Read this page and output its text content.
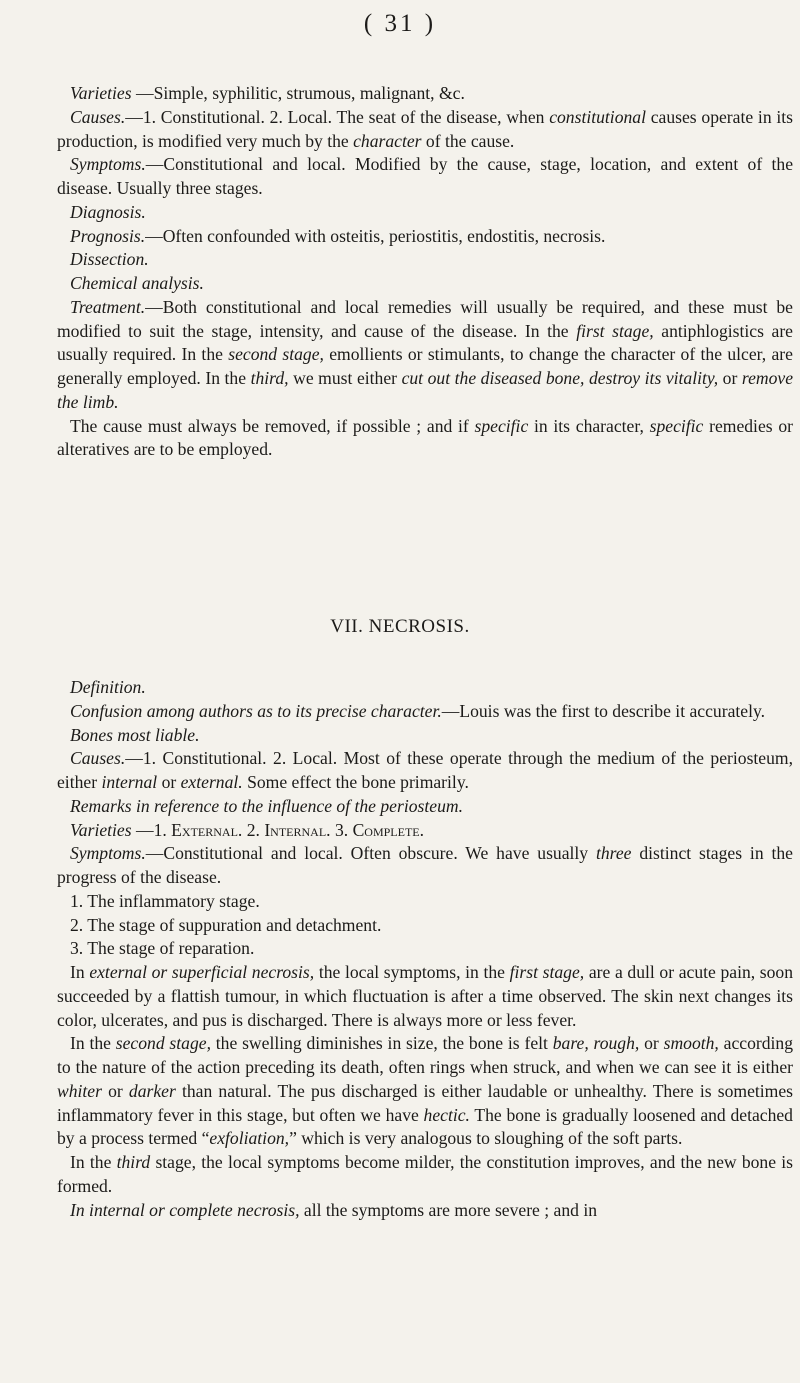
( 31 )

Varieties —Simple, syphilitic, strumous, malignant, &c.

Causes.—1. Constitutional. 2. Local. The seat of the disease, when constitutional causes operate in its production, is modified very much by the character of the cause.

Symptoms.—Constitutional and local. Modified by the cause, stage, location, and extent of the disease. Usually three stages.

Diagnosis.

Prognosis.—Often confounded with osteitis, periostitis, endostitis, necrosis.

Dissection.

Chemical analysis.

Treatment.—Both constitutional and local remedies will usually be required, and these must be modified to suit the stage, intensity, and cause of the disease. In the first stage, antiphlogistics are usually required. In the second stage, emollients or stimulants, to change the character of the ulcer, are generally employed. In the third, we must either cut out the diseased bone, destroy its vitality, or remove the limb.

The cause must always be removed, if possible ; and if specific in its character, specific remedies or alteratives are to be employed.

VII. NECROSIS.

Definition.

Confusion among authors as to its precise character.—Louis was the first to describe it accurately.

Bones most liable.

Causes.—1. Constitutional. 2. Local. Most of these operate through the medium of the periosteum, either internal or external. Some effect the bone primarily.

Remarks in reference to the influence of the periosteum.

Varieties —1. External. 2. Internal. 3. Complete.

Symptoms.—Constitutional and local. Often obscure. We have usually three distinct stages in the progress of the disease.

1. The inflammatory stage.

2. The stage of suppuration and detachment.

3. The stage of reparation.

In external or superficial necrosis, the local symptoms, in the first stage, are a dull or acute pain, soon succeeded by a flattish tumour, in which fluctuation is after a time observed. The skin next changes its color, ulcerates, and pus is discharged. There is always more or less fever.

In the second stage, the swelling diminishes in size, the bone is felt bare, rough, or smooth, according to the nature of the action preceding its death, often rings when struck, and when we can see it is either whiter or darker than natural. The pus discharged is either laudable or unhealthy. There is sometimes inflammatory fever in this stage, but often we have hectic. The bone is gradually loosened and detached by a process termed “exfoliation,” which is very analogous to sloughing of the soft parts.

In the third stage, the local symptoms become milder, the constitution improves, and the new bone is formed.

In internal or complete necrosis, all the symptoms are more severe ; and in
